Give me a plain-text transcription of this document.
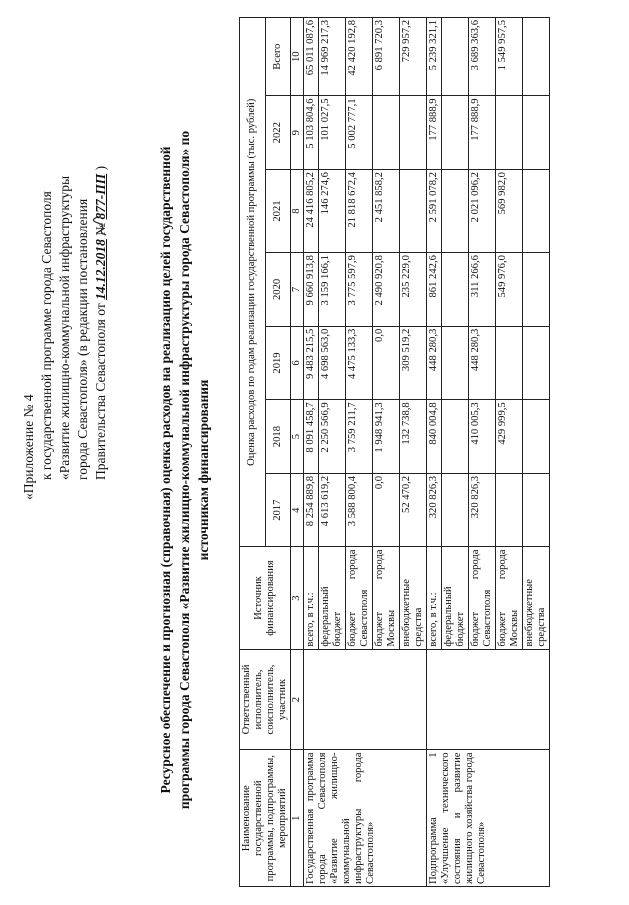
«Приложение № 4 к государственной программе города Севастополя «Развитие жилищно-коммунальной инфраструктуры города Севастополя» (в редакции постановления Правительства Севастополя от 14.12.2018 № 877-ПП )	Ресурсное обеспечение и прогнозная (справочная) оценка расходов на реализацию целей государственной программы города Севастополя «Развитие жилищно-коммунальной инфраструктуры города Севастополя» по источникам финансирования
Наименование государственной программы, подпрограммы, мероприятий	Ответственный исполнитель, соисполнитель, участник	Источник финансирования	Оценка расходов по годам реализации государственной программы (тыс. рублей)						
			2017	2018	2019	2020	2021	2022	Всего
1	2	3	4	5	6	7	8	9	10
Государственная программа города Севастополя «Развитие жилищно-коммунальной инфраструктуры города Севастополя»		всего, в т.ч.:	8 254 889,8	8 091 458,7	9 483 215,5	9 660 913,8	24 416 805,2	5 103 804,6	65 011 087,6
		федеральный бюджет	4 613 619,2	2 250 566,9	4 698 563,0	3 159 166,1	146 274,6	101 027,5	14 969 217,3
		бюджет города Севастополя	3 588 800,4	3 759 211,7	4 475 133,3	3 775 597,9	21 818 672,4	5 002 777,1	42 420 192,8
		бюджет города Москвы	0,0	1 948 941,3	0,0	2 490 920,8	2 451 858,2		6 891 720,3
		внебюджетные средства	52 470,2	132 738,8	309 519,2	235 229,0			729 957,2
Подпрограмма 1 «Улучшение технического состояния и развитие жилищного хозяйства города Севастополя»		всего, в т.ч.:	320 826,3	840 004,8	448 280,3	861 242,6	2 591 078,2	177 888,9	5 239 321,1
		федеральный бюджет							
		бюджет города Севастополя	320 826,3	410 005,3	448 280,3	311 266,6	2 021 096,2	177 888,9	3 689 363,6
		бюджет города Москвы		429 999,5		549 976,0	569 982,0		1 549 957,5
		внебюджетные средства							
